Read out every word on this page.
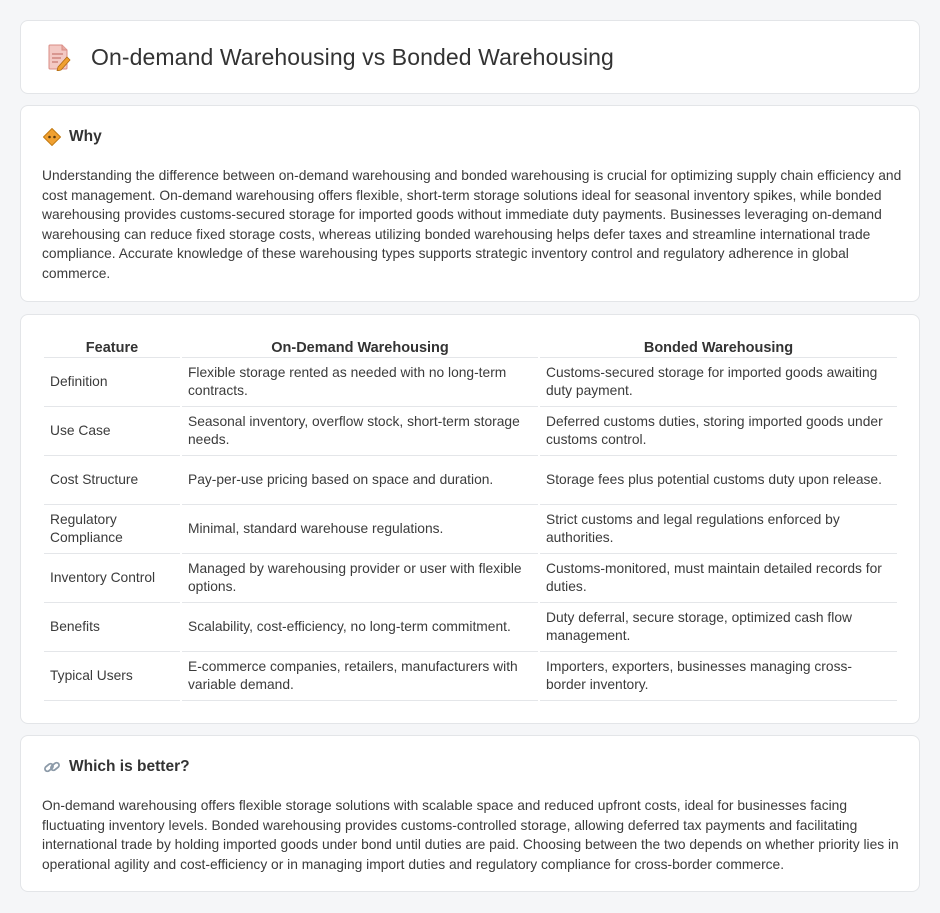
On-demand Warehousing vs Bonded Warehousing
Why

Understanding the difference between on-demand warehousing and bonded warehousing is crucial for optimizing supply chain efficiency and cost management. On-demand warehousing offers flexible, short-term storage solutions ideal for seasonal inventory spikes, while bonded warehousing provides customs-secured storage for imported goods without immediate duty payments. Businesses leveraging on-demand warehousing can reduce fixed storage costs, whereas utilizing bonded warehousing helps defer taxes and streamline international trade compliance. Accurate knowledge of these warehousing types supports strategic inventory control and regulatory adherence in global commerce.

Feature	On-Demand Warehousing	Bonded Warehousing
Definition	Flexible storage rented as needed with no long-term contracts.	Customs-secured storage for imported goods awaiting duty payment.
Use Case	Seasonal inventory, overflow stock, short-term storage needs.	Deferred customs duties, storing imported goods under customs control.
Cost Structure	Pay-per-use pricing based on space and duration.	Storage fees plus potential customs duty upon release.
Regulatory Compliance	Minimal, standard warehouse regulations.	Strict customs and legal regulations enforced by authorities.
Inventory Control	Managed by warehousing provider or user with flexible options.	Customs-monitored, must maintain detailed records for duties.
Benefits	Scalability, cost-efficiency, no long-term commitment.	Duty deferral, secure storage, optimized cash flow management.
Typical Users	E-commerce companies, retailers, manufacturers with variable demand.	Importers, exporters, businesses managing cross-border inventory.
Which is better?

On-demand warehousing offers flexible storage solutions with scalable space and reduced upfront costs, ideal for businesses facing fluctuating inventory levels. Bonded warehousing provides customs-controlled storage, allowing deferred tax payments and facilitating international trade by holding imported goods under bond until duties are paid. Choosing between the two depends on whether priority lies in operational agility and cost-efficiency or in managing import duties and regulatory compliance for cross-border commerce.
